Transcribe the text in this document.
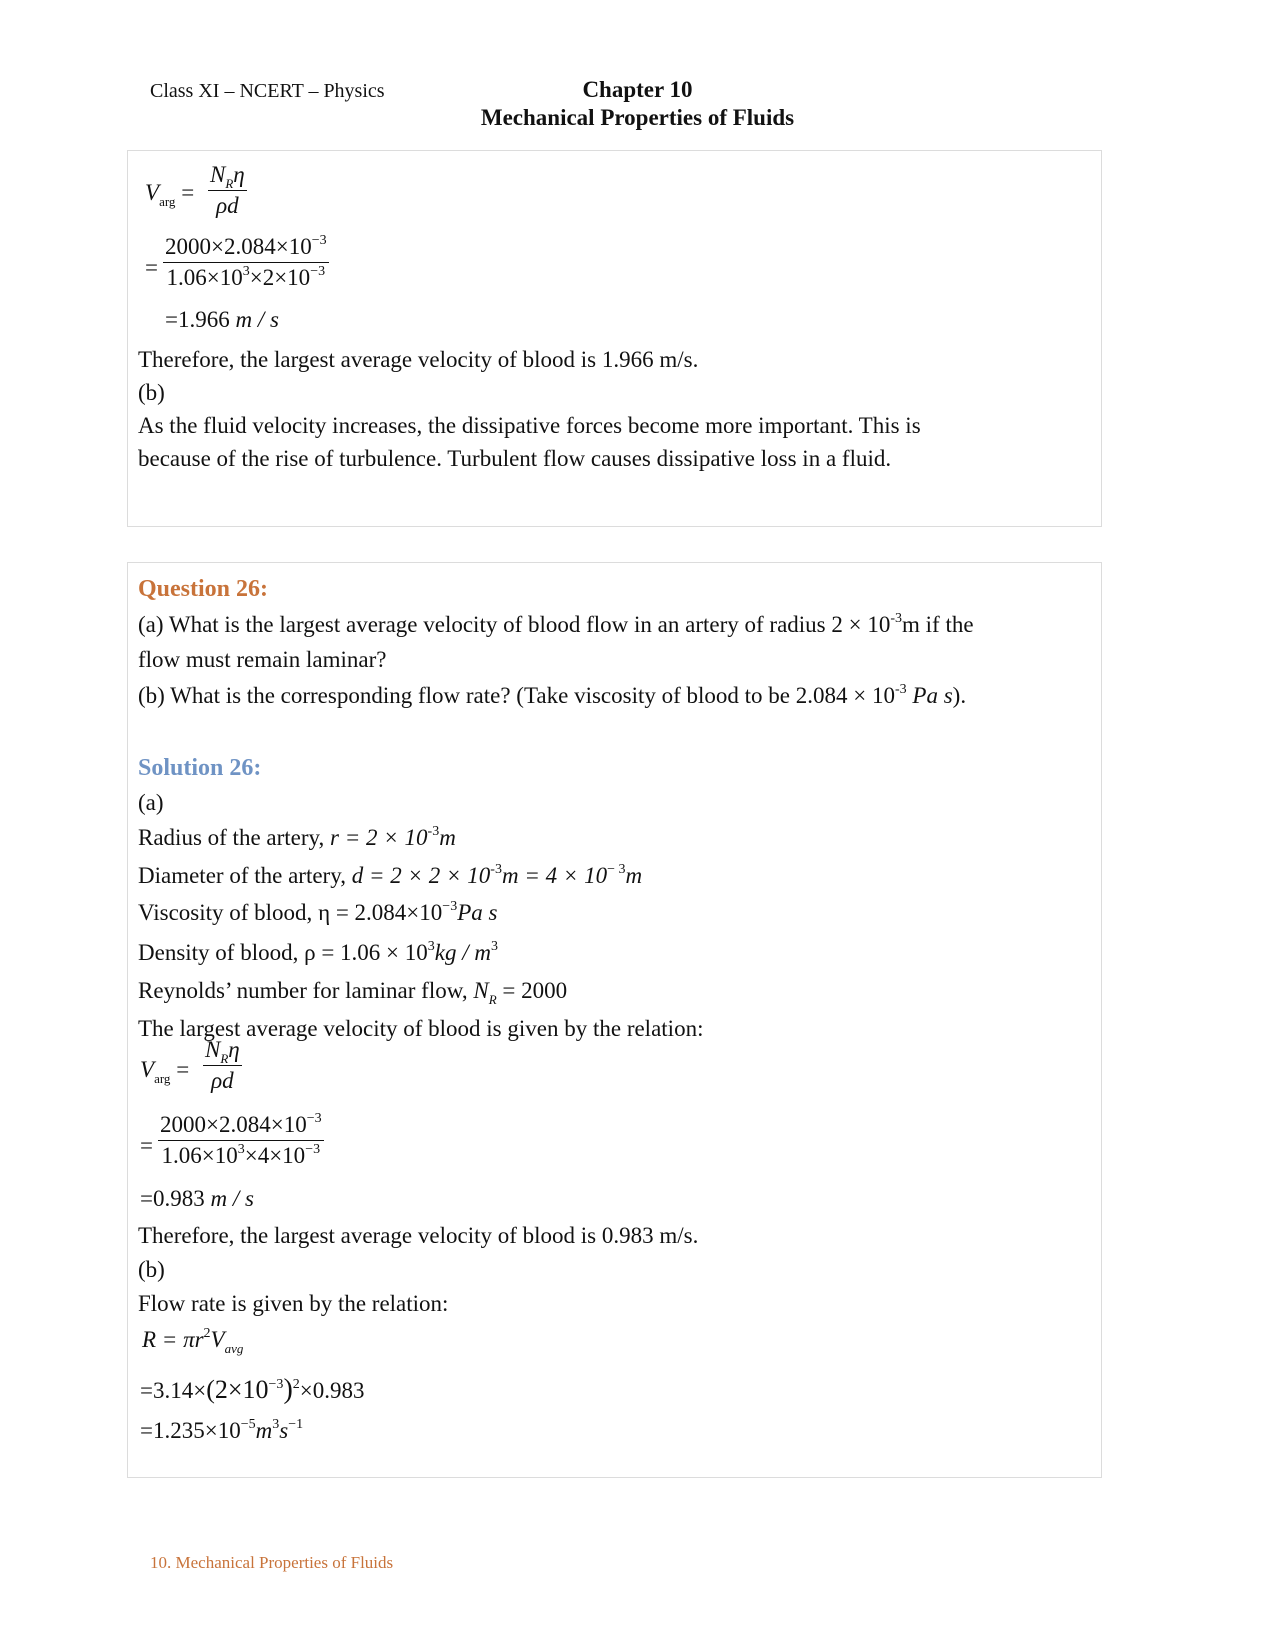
Class XI – NCERT – Physics	Chapter 10
Mechanical Properties of Fluids
$V_{arg}$ =
$N_R\eta$
ρd
= $\frac{2000\times 2.084\times 10^{-3}}{1.06\times 10^3\times 2\times 10^{-3}}$
=1.966 m / s
Therefore, the largest average velocity of blood is 1.966 m/s.
(b)
As the fluid velocity increases, the dissipative forces become more important. This is
because of the rise of turbulence. Turbulent flow causes dissipative loss in a fluid.
Question 26:
(a) What is the largest average velocity of blood flow in an artery of radius $2 \times 10^{-3}m$ if the
flow must remain laminar?
(b) What is the corresponding flow rate? (Take viscosity of blood to be $2.084 \times 10^{-3}$ Pa s).
Solution 26:
(a)
Radius of the artery, $r = 2 \times 10^{-3}m$
Diameter of the artery, $d = 2 \times 2 \times 10^{-3}m = 4 \times 10^{- 3}m$
Viscosity of blood, $\eta = 2.084\times 10^{-3}Pa$ s
Density of blood, $\rho = 1.06 \times 10^3kg / m^3$
Reynolds’ number for laminar flow, $N_R = 2000$
The largest average velocity of blood is given by the relation:
$V_{arg}$ =
$N_R\eta$
ρd
= $\frac{2000\times 2.084\times 10^{-3}}{1.06\times 10^3\times 4\times 10^{-3}}$
=0.983 m / s
Therefore, the largest average velocity of blood is 0.983 m/s.
(b)
Flow rate is given by the relation:
$R = \pi r^2V_{avg}$
$=3.14\times(2\times 10^{-3})^2\times 0.983$
$=1.235\times 10^{-5}m^3s^{-1}$
10. Mechanical Properties of Fluids
